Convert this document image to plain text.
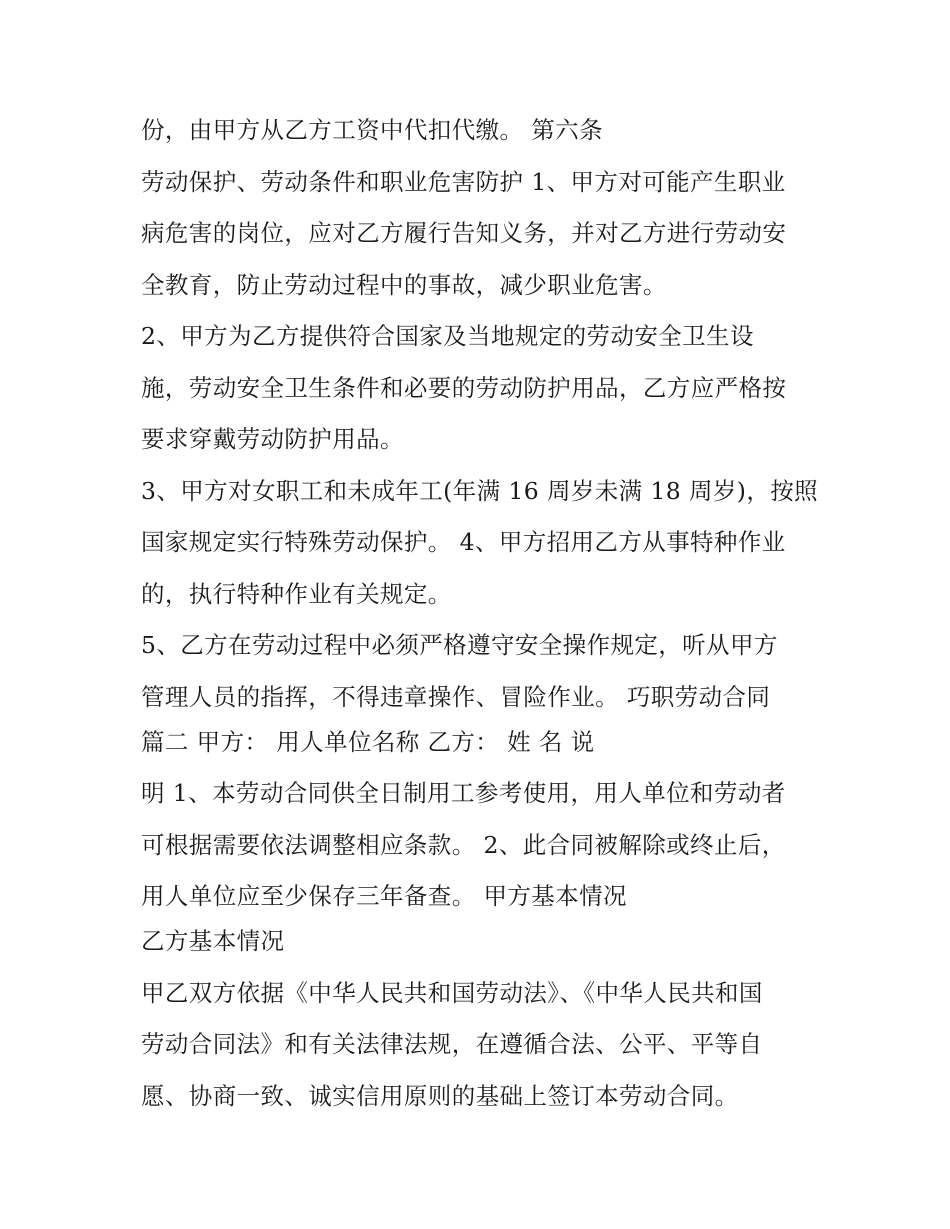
份，由甲方从乙方工资中代扣代缴。 第六条
劳动保护、劳动条件和职业危害防护 1、甲方对可能产生职业
病危害的岗位，应对乙方履行告知义务，并对乙方进行劳动安
全教育，防止劳动过程中的事故，减少职业危害。
2、甲方为乙方提供符合国家及当地规定的劳动安全卫生设
施，劳动安全卫生条件和必要的劳动防护用品，乙方应严格按
要求穿戴劳动防护用品。
3、甲方对女职工和未成年工(年满 16 周岁未满 18 周岁)，按照
国家规定实行特殊劳动保护。 4、甲方招用乙方从事特种作业
的，执行特种作业有关规定。
5、乙方在劳动过程中必须严格遵守安全操作规定，听从甲方
管理人员的指挥，不得违章操作、冒险作业。 巧职劳动合同
篇二 甲方： 用人单位名称 乙方： 姓 名 说
明 1、本劳动合同供全日制用工参考使用，用人单位和劳动者
可根据需要依法调整相应条款。 2、此合同被解除或终止后，
用人单位应至少保存三年备查。 甲方基本情况
乙方基本情况
甲乙双方依据《中华人民共和国劳动法》、《中华人民共和国
劳动合同法》和有关法律法规，在遵循合法、公平、平等自
愿、协商一致、诚实信用原则的基础上签订本劳动合同。
